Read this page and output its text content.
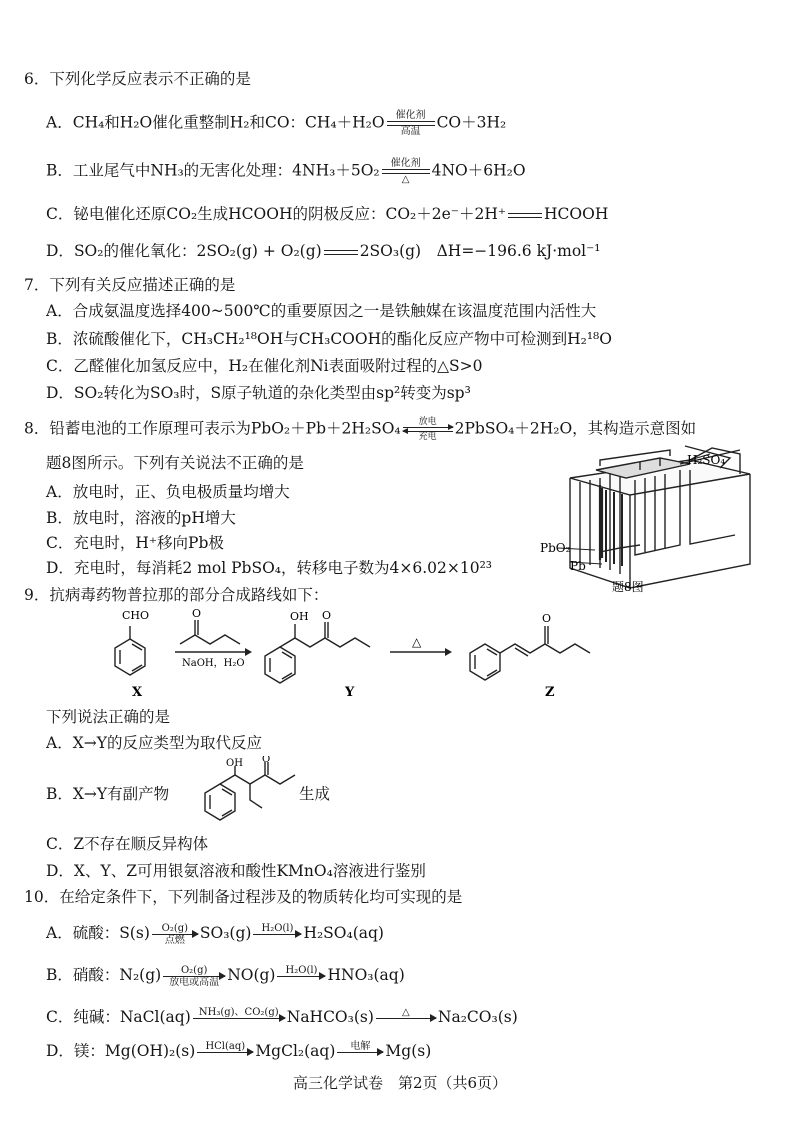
6．下列化学反应表示不正确的是
A．CH₄和H₂O催化重整制H₂和CO：CH₄＋H₂O	催化剂
高温	CO＋3H₂
B．工业尾气中NH₃的无害化处理：4NH₃＋5O₂	催化剂
△	4NO＋6H₂O
C．铋电催化还原CO₂生成HCOOH的阴极反应：CO₂＋2e⁻＋2H⁺ HCOOH
D．SO₂的催化氧化：2SO₂(g) + O₂(g) 2SO₃(g)　ΔH=−196.6 kJ·mol⁻¹
7．下列有关反应描述正确的是
A．合成氨温度选择400~500℃的重要原因之一是铁触媒在该温度范围内活性大
B．浓硫酸催化下，CH₃CH₂¹⁸OH与CH₃COOH的酯化反应产物中可检测到H₂¹⁸O
C．乙醛催化加氢反应中，H₂在催化剂Ni表面吸附过程的△S>0
D．SO₂转化为SO₃时，S原子轨道的杂化类型由sp²转变为sp³
8．铅蓄电池的工作原理可表示为PbO₂＋Pb＋2H₂SO₄	放电
充电	2PbSO₄＋2H₂O，其构造示意图如
题8图所示。下列有关说法不正确的是
A．放电时，正、负电极质量均增大
B．放电时，溶液的pH增大
C．充电时，H⁺移向Pb极
D．充电时，每消耗2 mol PbSO₄，转移电子数为4×6.02×10²³
H₂SO₄
PbO₂
Pb
题8图
9．抗病毒药物普拉那的部分合成路线如下：
CHO	O
NaOH，H₂O
OH O
△
O
X	Y	Z
下列说法正确的是
A．X→Y的反应类型为取代反应
B．X→Y有副产物	生成
OH O
C．Z不存在顺反异构体
D．X、Y、Z可用银氨溶液和酸性KMnO₄溶液进行鉴别
10．在给定条件下，下列制备过程涉及的物质转化均可实现的是
A．硫酸：S(s)	O₂(g)
点燃 SO₃(g)	H₂O(l)
H₂SO₄(aq)
B．硝酸：N₂(g)	O₂(g)
放电或高温 NO(g)	H₂O(l)
HNO₃(aq)
C．纯碱：NaCl(aq) NH₃(g)、CO₂(g)
NaHCO₃(s)	△
	Na₂CO₃(s)
D．镁：Mg(OH)₂(s)	HCl(aq)
MgCl₂(aq)	电解
Mg(s)
高三化学试卷　第2页（共6页）
